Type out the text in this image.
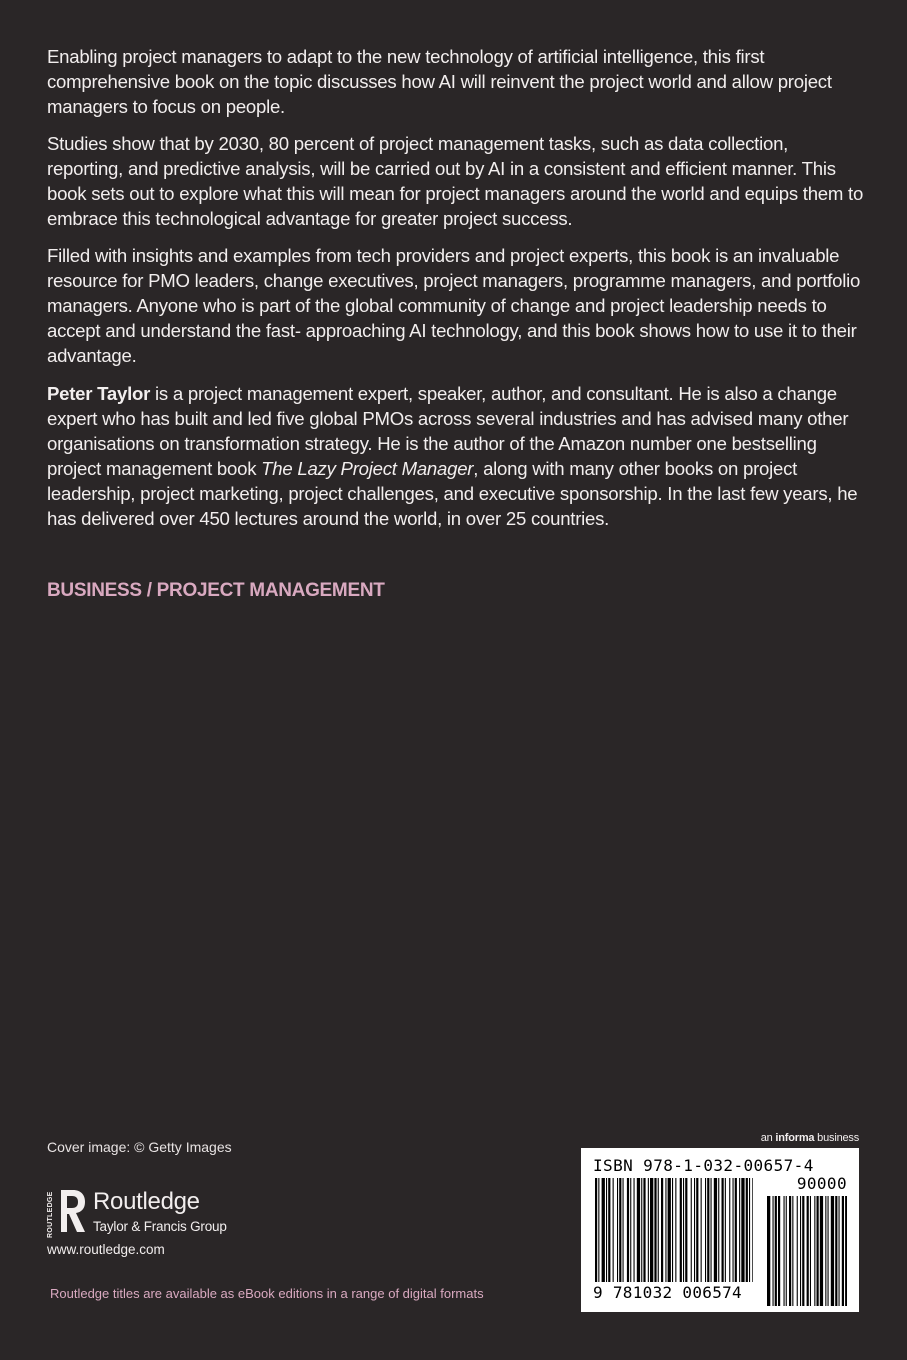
Enabling project managers to adapt to the new technology of artificial intelligence, this first comprehensive book on the topic discusses how AI will reinvent the project world and allow project managers to focus on people.

Studies show that by 2030, 80 percent of project management tasks, such as data collection, reporting, and predictive analysis, will be carried out by AI in a consistent and efficient manner. This book sets out to explore what this will mean for project managers around the world and equips them to embrace this technological advantage for greater project success.

Filled with insights and examples from tech providers and project experts, this book is an invaluable resource for PMO leaders, change executives, project managers, programme managers, and portfolio managers. Anyone who is part of the global community of change and project leadership needs to accept and understand the fast- approaching AI technology, and this book shows how to use it to their advantage.

Peter Taylor is a project management expert, speaker, author, and consultant. He is also a change expert who has built and led five global PMOs across several industries and has advised many other organisations on transformation strategy. He is the author of the Amazon number one bestselling project management book The Lazy Project Manager, along with many other books on project leadership, project marketing, project challenges, and executive sponsorship. In the last few years, he has delivered over 450 lectures around the world, in over 25 countries.

BUSINESS / PROJECT MANAGEMENT
Cover image: © Getty Images
ROUTLEDGE Routledge
Taylor & Francis Group
www.routledge.com
Routledge titles are available as eBook editions in a range of digital formats
an informa business
ISBN 978-1-032-00657-4
90000
9 781032 006574
